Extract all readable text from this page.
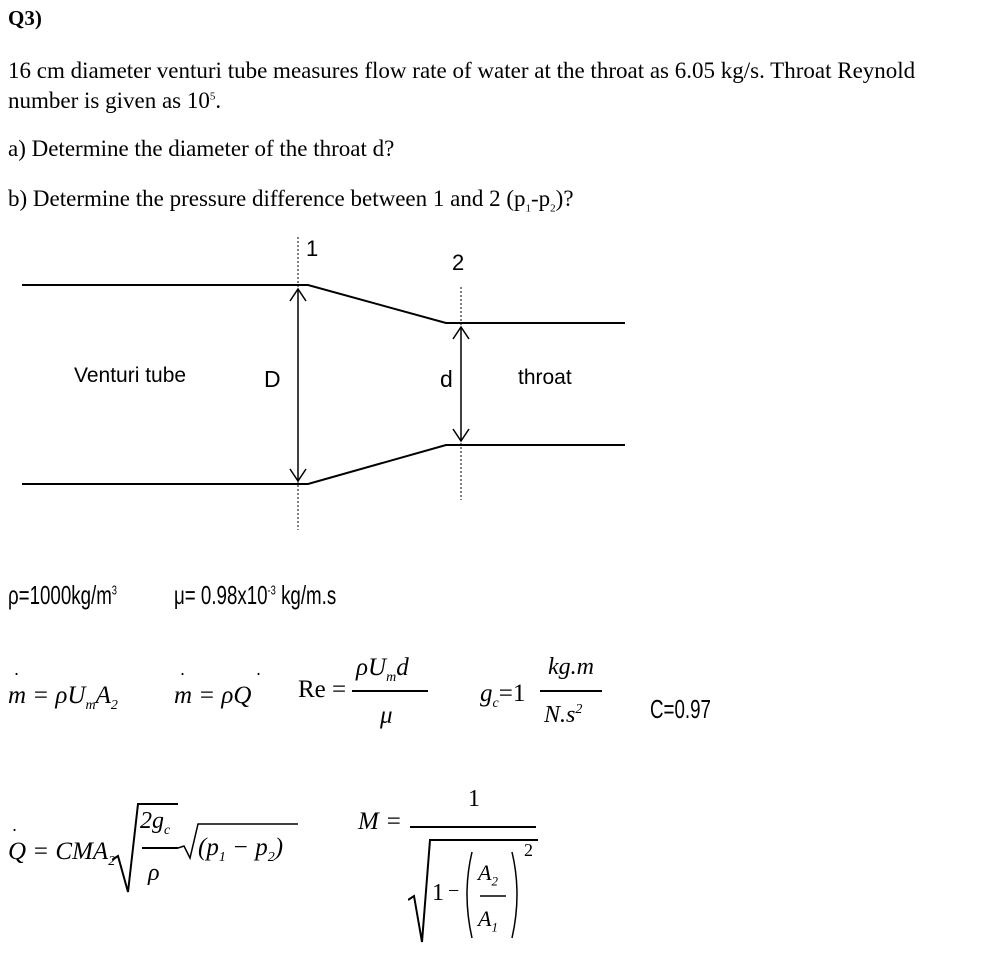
Q3)
16 cm diameter venturi tube measures flow rate of water at the throat as 6.05 kg/s. Throat Reynold
number is given as $10^5$.
a) Determine the diameter of the throat d?
b) Determine the pressure difference between 1 and 2 $(p_1-p_2)$?
1
2
Venturi tube	D	d	throat
$\rho=1000kg/m^3$ $\mu= 0.98x10^{-3}$ kg/m.s
·
$m = \rho U_mA_2$
·	·
m = ρQ Re =
$\rho U_md$
μ
$g_c=1$
kg.m
$N.s^2$	C=0.97
·
$Q = CMA_2$
$2g_c$
ρ
$(p_1 - p_2)$
M =
1
1 −
$A_2$
$A_1$
2
